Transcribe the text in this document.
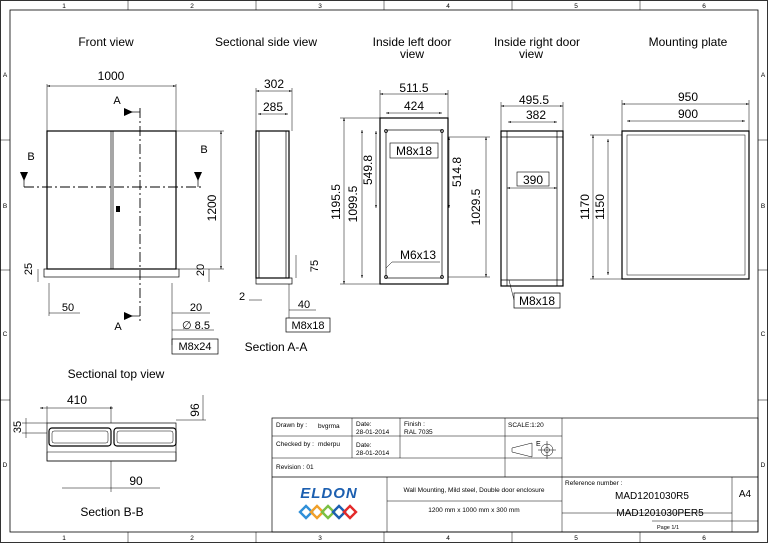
1	2	3	4	5	6
1	2	3	4	5	6
A
B
C
D
A
B
C
D
Front view	Sectional side view	Inside left door
view
Inside right door
view
Mounting plate
Sectional top view
Section A-A
Section B-B
B
B
A
A
1000
1200
25	20
50	20
∅ 8.5
M8x24
302
285
75
2
40
M8x18
511.5
424
1195.5 1099.5
549.8	514.8
1029.5
M8x18
M6x13
495.5
382
390
M8x18
950
900
1170 1150
410
96
35
90
Drawn by : bvgrma	Date:
28-01-2014
Finish :
RAL 7035
SCALE:1:20
Checked by : mderpu Date:
28-01-2014
Revision : 01
E
ELDON	Wall Mounting, Mild steel, Double door enclosure
1200 mm x 1000 mm x 300 mm
Reference number :
MAD1201030R5
MAD1201030PER5
A4
Page 1/1
